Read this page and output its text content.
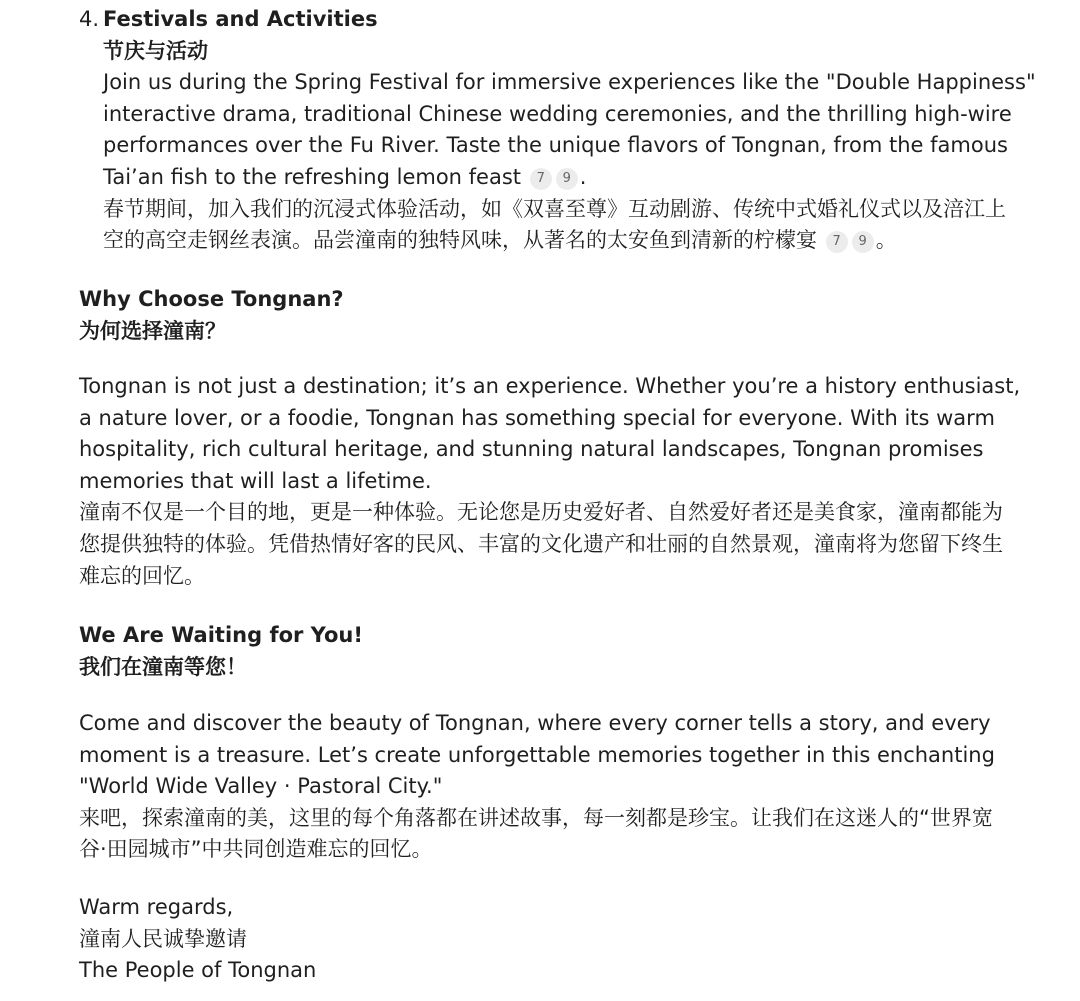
4. Festivals and Activities
节庆与活动
Join us during the Spring Festival for immersive experiences like the "Double Happiness"
interactive drama, traditional Chinese wedding ceremonies, and the thrilling high-wire
performances over the Fu River. Taste the unique flavors of Tongnan, from the famous
Tai’an fish to the refreshing lemon feast 7 9 .
春节期间，加入我们的沉浸式体验活动，如《双喜至尊》互动剧游、传统中式婚礼仪式以及涪江上
空的高空走钢丝表演。品尝潼南的独特风味，从著名的太安鱼到清新的柠檬宴 7 9 。
Why Choose Tongnan?
为何选择潼南？
Tongnan is not just a destination; it’s an experience. Whether you’re a history enthusiast,
a nature lover, or a foodie, Tongnan has something special for everyone. With its warm
hospitality, rich cultural heritage, and stunning natural landscapes, Tongnan promises
memories that will last a lifetime.
潼南不仅是一个目的地，更是一种体验。无论您是历史爱好者、自然爱好者还是美食家，潼南都能为
您提供独特的体验。凭借热情好客的民风、丰富的文化遗产和壮丽的自然景观，潼南将为您留下终生
难忘的回忆。
We Are Waiting for You!
我们在潼南等您！
Come and discover the beauty of Tongnan, where every corner tells a story, and every
moment is a treasure. Let’s create unforgettable memories together in this enchanting
"World Wide Valley · Pastoral City."
来吧，探索潼南的美，这里的每个角落都在讲述故事，每一刻都是珍宝。让我们在这迷人的“世界宽
谷·田园城市”中共同创造难忘的回忆。
Warm regards,
潼南人民诚挚邀请
The People of Tongnan
